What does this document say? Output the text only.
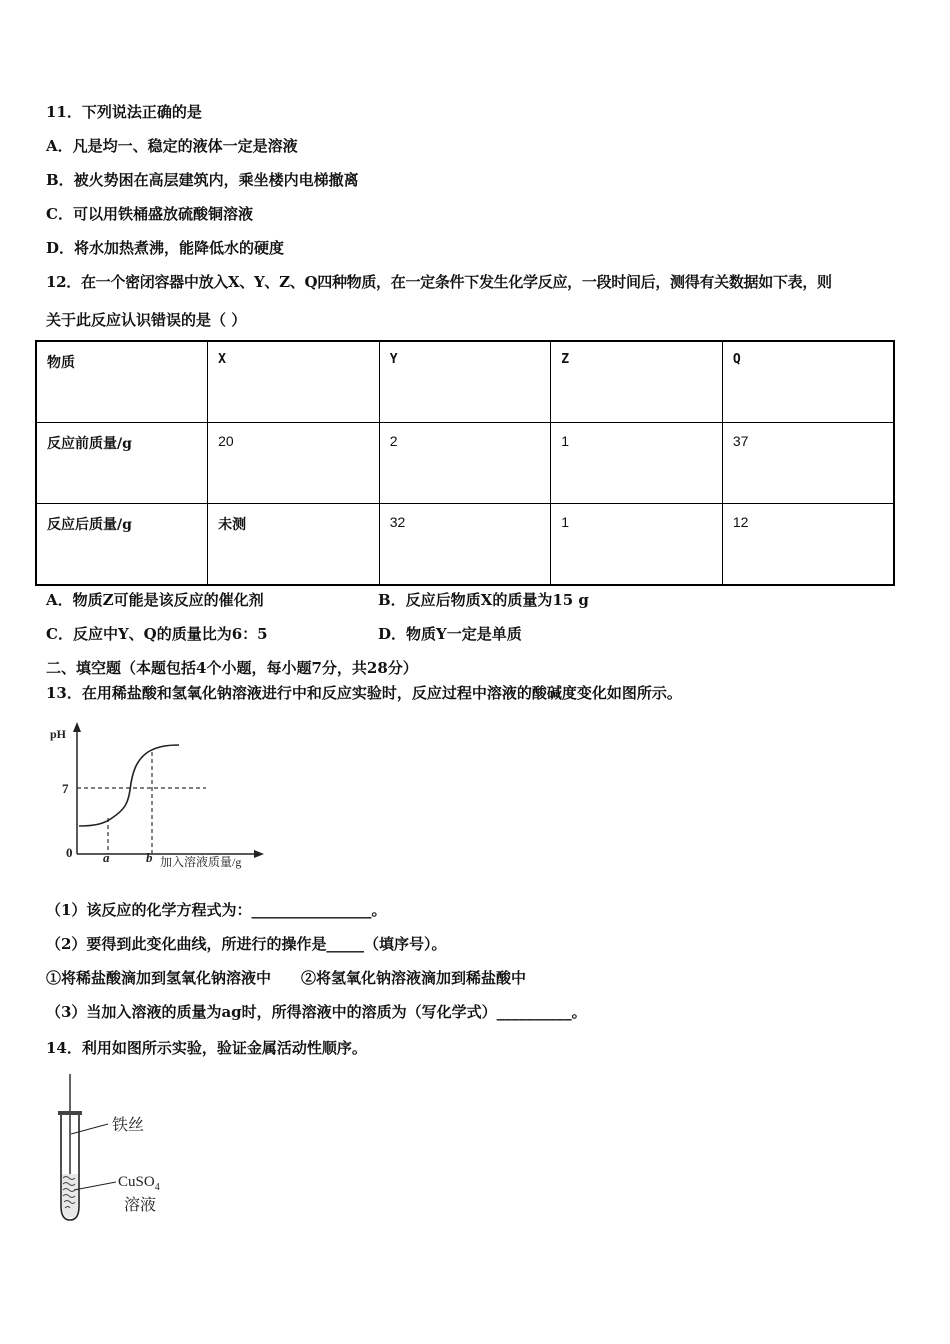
11．下列说法正确的是
A．凡是均一、稳定的液体一定是溶液
B．被火势困在高层建筑内，乘坐楼内电梯撤离
C．可以用铁桶盛放硫酸铜溶液
D．将水加热煮沸，能降低水的硬度
12．在一个密闭容器中放入X、Y、Z、Q四种物质，在一定条件下发生化学反应，一段时间后，测得有关数据如下表，则
关于此反应认识错误的是（ ）
物质	X	Y	Z	Q
反应前质量/g	20	2	1	37
反应后质量/g	未测	32	1	12
A．物质Z可能是该反应的催化剂	B．反应后物质X的质量为15 g
C．反应中Y、Q的质量比为6：5	D．物质Y一定是单质
二、填空题（本题包括4个小题，每小题7分，共28分）
13．在用稀盐酸和氢氧化钠溶液进行中和反应实验时，反应过程中溶液的酸碱度变化如图所示。
pH
7
0 a	b 加入溶液质量/g
（1）该反应的化学方程式为：________________。
（2）要得到此变化曲线，所进行的操作是_____（填序号）。
①将稀盐酸滴加到氢氧化钠溶液中　　②将氢氧化钠溶液滴加到稀盐酸中
（3）当加入溶液的质量为ag时，所得溶液中的溶质为（写化学式）__________。
14．利用如图所示实验，验证金属活动性顺序。
铁丝
CuSO$_4$
溶液
